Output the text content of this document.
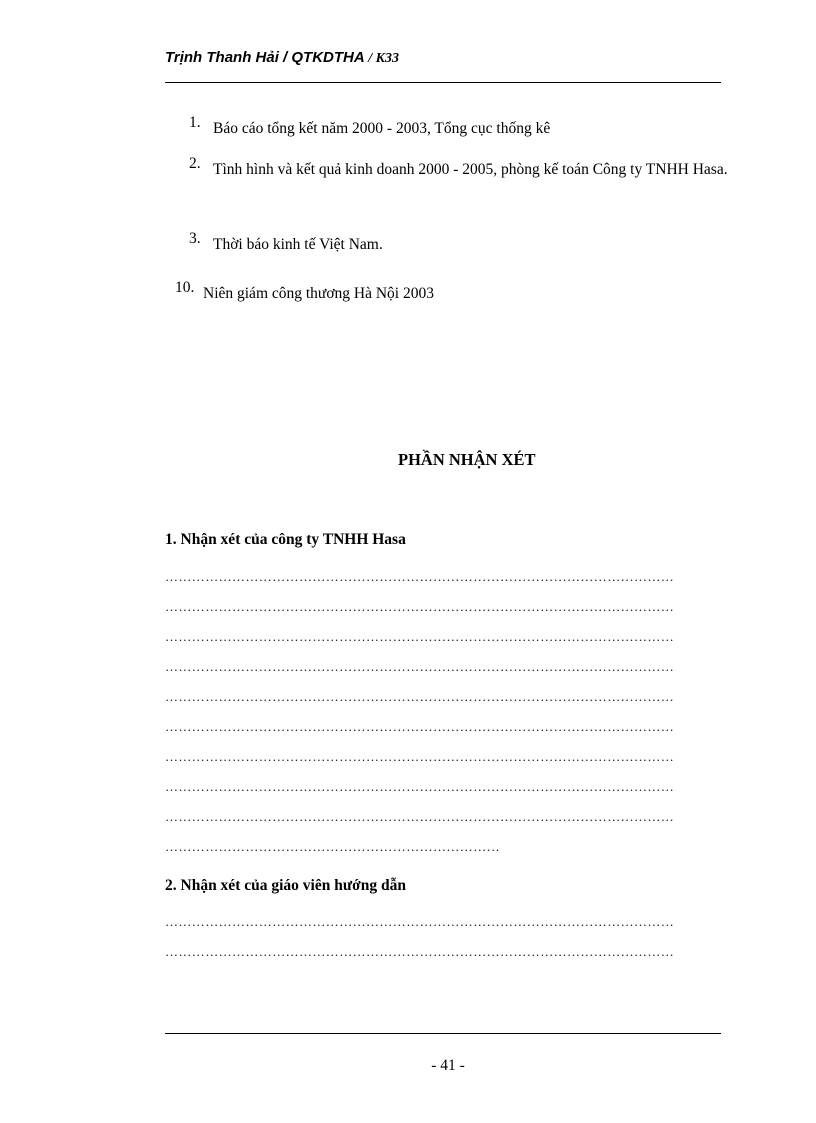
Trịnh Thanh Hải / QTKDTHA / K33
1. Báo cáo tổng kết năm 2000 - 2003, Tổng cục thống kê
2. Tình hình và kết quả kinh doanh 2000 - 2005, phòng kế toán Công ty TNHH Hasa.
3. Thời báo kinh tế Việt Nam.
10. Niên giám công thương Hà Nội 2003
PHẦN NHẬN XÉT
1. Nhận xét của công ty TNHH Hasa
……………………………………………………………………………………………………
……………………………………………………………………………………………………
……………………………………………………………………………………………………
……………………………………………………………………………………………………
……………………………………………………………………………………………………
……………………………………………………………………………………………………
……………………………………………………………………………………………………
……………………………………………………………………………………………………
……………………………………………………………………………………………………
…………………………………………………………………
2. Nhận xét của giáo viên hướng dẫn
……………………………………………………………………………………………………
……………………………………………………………………………………………………
- 41 -
